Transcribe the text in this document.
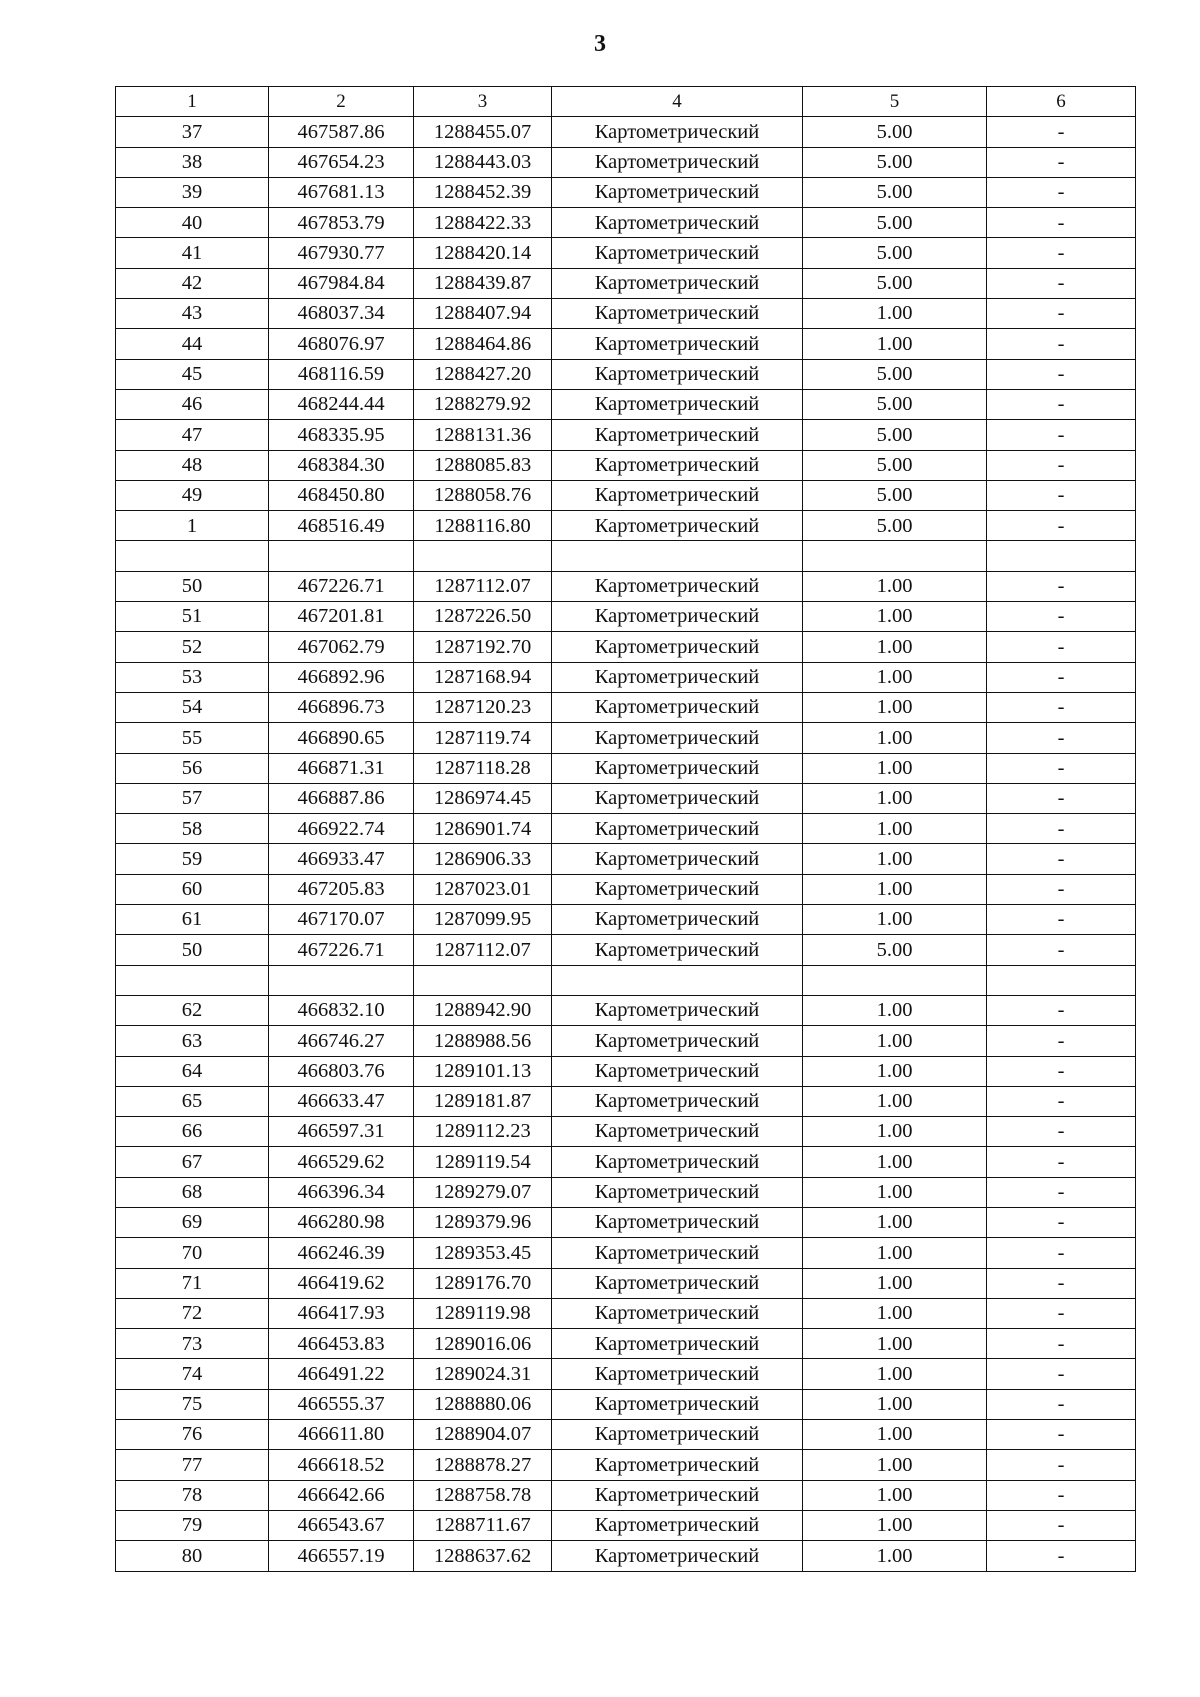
3
1	2	3	4	5	6
37	467587.86	1288455.07	Картометрический	5.00	-
38	467654.23	1288443.03	Картометрический	5.00	-
39	467681.13	1288452.39	Картометрический	5.00	-
40	467853.79	1288422.33	Картометрический	5.00	-
41	467930.77	1288420.14	Картометрический	5.00	-
42	467984.84	1288439.87	Картометрический	5.00	-
43	468037.34	1288407.94	Картометрический	1.00	-
44	468076.97	1288464.86	Картометрический	1.00	-
45	468116.59	1288427.20	Картометрический	5.00	-
46	468244.44	1288279.92	Картометрический	5.00	-
47	468335.95	1288131.36	Картометрический	5.00	-
48	468384.30	1288085.83	Картометрический	5.00	-
49	468450.80	1288058.76	Картометрический	5.00	-
1	468516.49	1288116.80	Картометрический	5.00	-

50	467226.71	1287112.07	Картометрический	1.00	-
51	467201.81	1287226.50	Картометрический	1.00	-
52	467062.79	1287192.70	Картометрический	1.00	-
53	466892.96	1287168.94	Картометрический	1.00	-
54	466896.73	1287120.23	Картометрический	1.00	-
55	466890.65	1287119.74	Картометрический	1.00	-
56	466871.31	1287118.28	Картометрический	1.00	-
57	466887.86	1286974.45	Картометрический	1.00	-
58	466922.74	1286901.74	Картометрический	1.00	-
59	466933.47	1286906.33	Картометрический	1.00	-
60	467205.83	1287023.01	Картометрический	1.00	-
61	467170.07	1287099.95	Картометрический	1.00	-
50	467226.71	1287112.07	Картометрический	5.00	-

62	466832.10	1288942.90	Картометрический	1.00	-
63	466746.27	1288988.56	Картометрический	1.00	-
64	466803.76	1289101.13	Картометрический	1.00	-
65	466633.47	1289181.87	Картометрический	1.00	-
66	466597.31	1289112.23	Картометрический	1.00	-
67	466529.62	1289119.54	Картометрический	1.00	-
68	466396.34	1289279.07	Картометрический	1.00	-
69	466280.98	1289379.96	Картометрический	1.00	-
70	466246.39	1289353.45	Картометрический	1.00	-
71	466419.62	1289176.70	Картометрический	1.00	-
72	466417.93	1289119.98	Картометрический	1.00	-
73	466453.83	1289016.06	Картометрический	1.00	-
74	466491.22	1289024.31	Картометрический	1.00	-
75	466555.37	1288880.06	Картометрический	1.00	-
76	466611.80	1288904.07	Картометрический	1.00	-
77	466618.52	1288878.27	Картометрический	1.00	-
78	466642.66	1288758.78	Картометрический	1.00	-
79	466543.67	1288711.67	Картометрический	1.00	-
80	466557.19	1288637.62	Картометрический	1.00	-
